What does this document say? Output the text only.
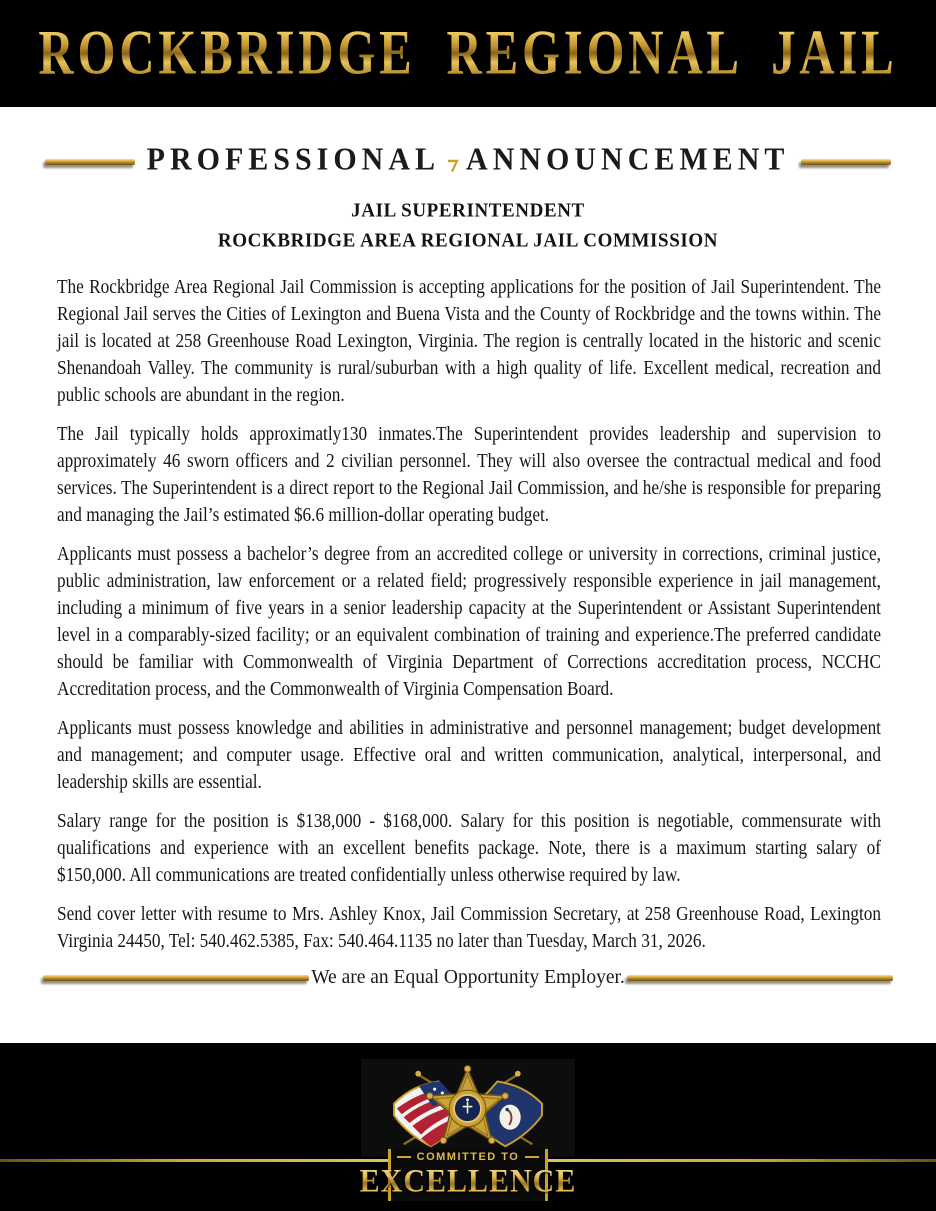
ROCKBRIDGE REGIONAL JAIL
PROFESSIONAL ANNOUNCEMENT
JAIL SUPERINTENDENT
ROCKBRIDGE AREA REGIONAL JAIL COMMISSION

The Rockbridge Area Regional Jail Commission is accepting applications for the position of Jail Superintendent. The Regional Jail serves the Cities of Lexington and Buena Vista and the County of Rockbridge and the towns within. The jail is located at 258 Greenhouse Road Lexington, Virginia. The region is centrally located in the historic and scenic Shenandoah Valley. The community is rural/suburban with a high quality of life. Excellent medical, recreation and public schools are abundant in the region.

The Jail typically holds approximatly130 inmates.The Superintendent provides leadership and supervision to approximately 46 sworn officers and 2 civilian personnel. They will also oversee the contractual medical and food services. The Superintendent is a direct report to the Regional Jail Commission, and he/she is responsible for preparing and managing the Jail’s estimated $6.6 million-dollar operating budget.

Applicants must possess a bachelor’s degree from an accredited college or university in corrections, criminal justice, public administration, law enforcement or a related field; progressively responsible experience in jail management, including a minimum of five years in a senior leadership capacity at the Superintendent or Assistant Superintendent level in a comparably-sized facility; or an equivalent combination of training and experience.The preferred candidate should be familiar with Commonwealth of Virginia Department of Corrections accreditation process, NCCHC Accreditation process, and the Commonwealth of Virginia Compensation Board.

Applicants must possess knowledge and abilities in administrative and personnel management; budget development and management; and computer usage. Effective oral and written communication, analytical, interpersonal, and leadership skills are essential.

Salary range for the position is $138,000 - $168,000. Salary for this position is negotiable, commensurate with qualifications and experience with an excellent benefits package. Note, there is a maximum starting salary of $150,000. All communications are treated confidentially unless otherwise required by law.

Send cover letter with resume to Mrs. Ashley Knox, Jail Commission Secretary, at 258 Greenhouse Road, Lexington Virginia 24450, Tel: 540.462.5385, Fax: 540.464.1135 no later than Tuesday, March 31, 2026.

We are an Equal Opportunity Employer.
COMMITTED TO
EXCELLENCE
